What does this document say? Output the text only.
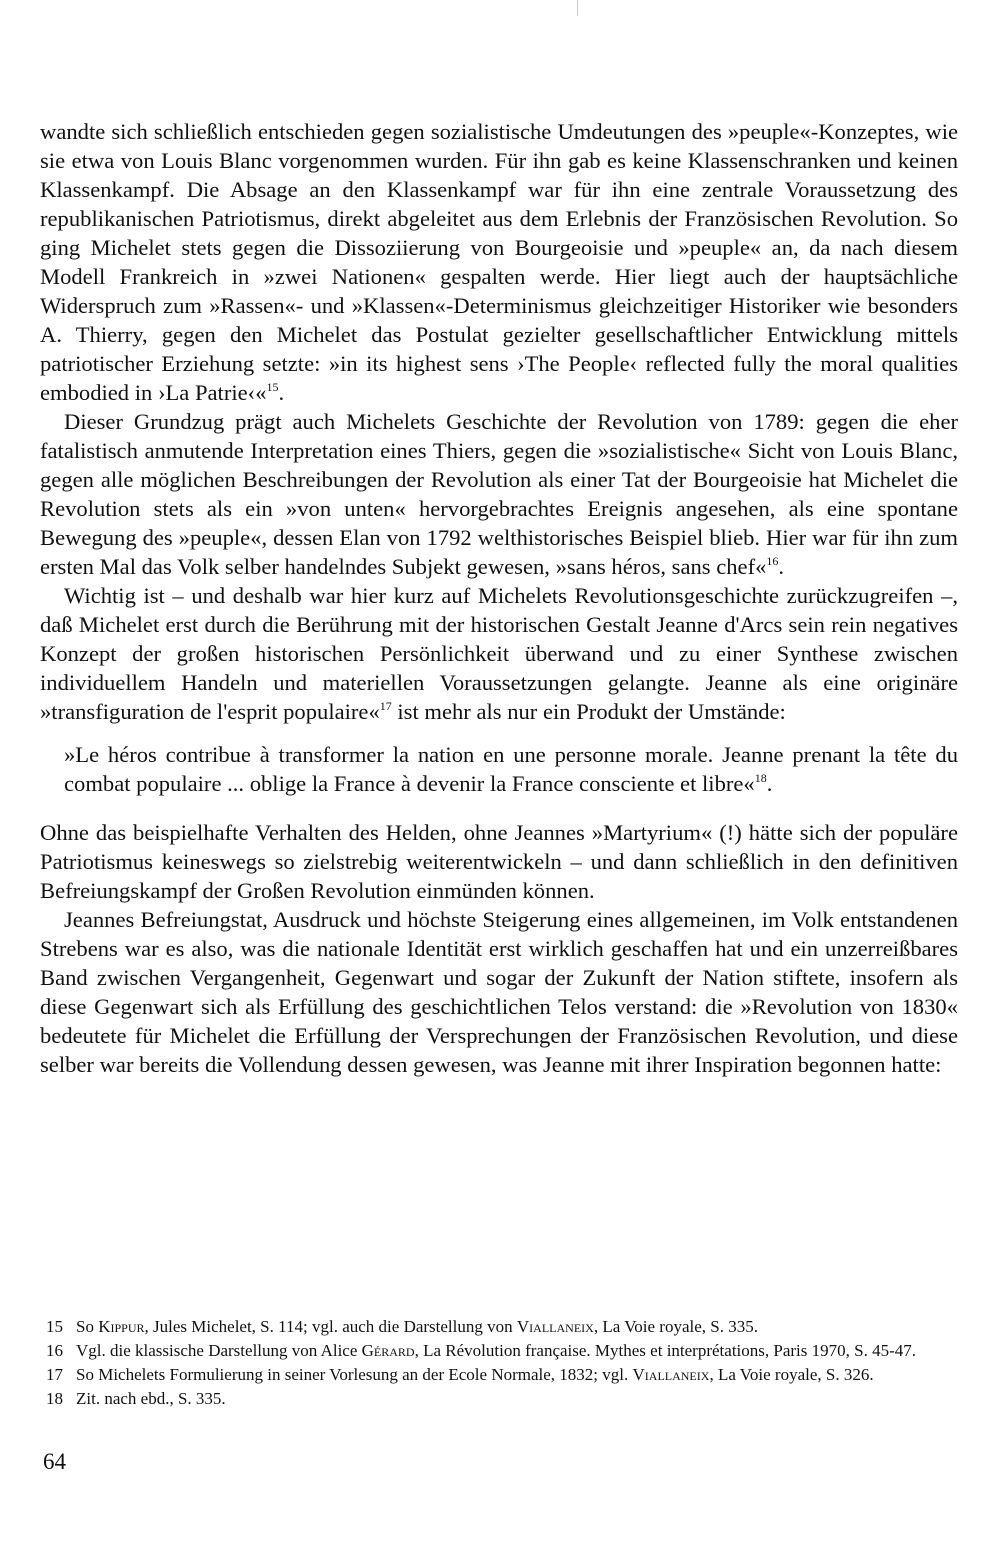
wandte sich schließlich entschieden gegen sozialistische Umdeutungen des »peuple«-Konzeptes, wie sie etwa von Louis Blanc vorgenommen wurden. Für ihn gab es keine Klassenschranken und keinen Klassenkampf. Die Absage an den Klassenkampf war für ihn eine zentrale Voraussetzung des republikanischen Patriotismus, direkt abgeleitet aus dem Erlebnis der Französischen Revolution. So ging Michelet stets gegen die Dissoziierung von Bourgeoisie und »peuple« an, da nach diesem Modell Frankreich in »zwei Nationen« gespalten werde. Hier liegt auch der hauptsächliche Widerspruch zum »Rassen«- und »Klassen«-Determinismus gleichzeitiger Historiker wie besonders A. Thierry, gegen den Michelet das Postulat gezielter gesellschaftlicher Entwicklung mittels patriotischer Erziehung setzte: »in its highest sens ›The People‹ reflected fully the moral qualities embodied in ›La Patrie‹«$^{15}$.

Dieser Grundzug prägt auch Michelets Geschichte der Revolution von 1789: gegen die eher fatalistisch anmutende Interpretation eines Thiers, gegen die »sozialistische« Sicht von Louis Blanc, gegen alle möglichen Beschreibungen der Revolution als einer Tat der Bourgeoisie hat Michelet die Revolution stets als ein »von unten« hervorgebrachtes Ereignis angesehen, als eine spontane Bewegung des »peuple«, dessen Elan von 1792 welthistorisches Beispiel blieb. Hier war für ihn zum ersten Mal das Volk selber handelndes Subjekt gewesen, »sans héros, sans chef«$^{16}$.

Wichtig ist – und deshalb war hier kurz auf Michelets Revolutionsgeschichte zurückzugreifen –, daß Michelet erst durch die Berührung mit der historischen Gestalt Jeanne d'Arcs sein rein negatives Konzept der großen historischen Persönlichkeit überwand und zu einer Synthese zwischen individuellem Handeln und materiellen Voraussetzungen gelangte. Jeanne als eine originäre »transfiguration de l'esprit populaire«$^{17}$ ist mehr als nur ein Produkt der Umstände:

»Le héros contribue à transformer la nation en une personne morale. Jeanne prenant la tête du combat populaire ... oblige la France à devenir la France consciente et libre«$^{18}$.

Ohne das beispielhafte Verhalten des Helden, ohne Jeannes »Martyrium« (!) hätte sich der populäre Patriotismus keineswegs so zielstrebig weiterentwickeln – und dann schließlich in den definitiven Befreiungskampf der Großen Revolution einmünden können.

Jeannes Befreiungstat, Ausdruck und höchste Steigerung eines allgemeinen, im Volk entstandenen Strebens war es also, was die nationale Identität erst wirklich geschaffen hat und ein unzerreißbares Band zwischen Vergangenheit, Gegenwart und sogar der Zukunft der Nation stiftete, insofern als diese Gegenwart sich als Erfüllung des geschichtlichen Telos verstand: die »Revolution von 1830« bedeutete für Michelet die Erfüllung der Versprechungen der Französischen Revolution, und diese selber war bereits die Vollendung dessen gewesen, was Jeanne mit ihrer Inspiration begonnen hatte:

15 So Kippur, Jules Michelet, S. 114; vgl. auch die Darstellung von Viallaneix, La Voie royale, S. 335.
16 Vgl. die klassische Darstellung von Alice Gérard, La Révolution française. Mythes et interprétations, Paris 1970, S. 45-47.
17 So Michelets Formulierung in seiner Vorlesung an der Ecole Normale, 1832; vgl. Viallaneix, La Voie royale, S. 326.
18 Zit. nach ebd., S. 335.
64
